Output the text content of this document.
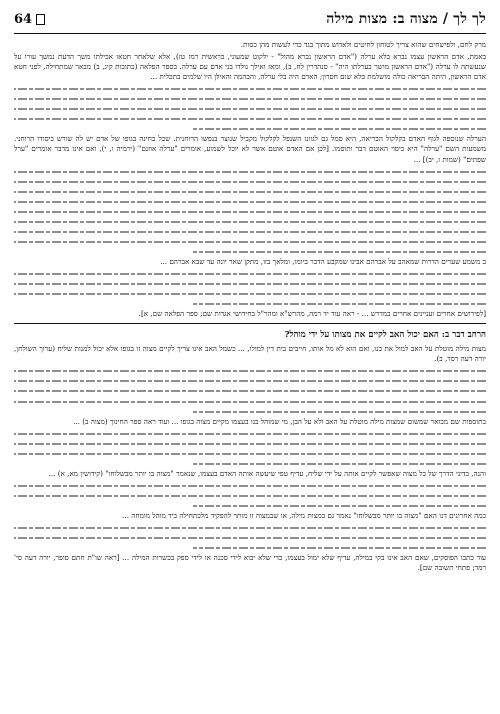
לך לך / מצוה ב: מצות מילה
64

מרק לחם, ולפישחים שהוא צריך לטוחון לחיטים ולאדוש מתוך בגד כדי לעשות מהן כסות.

באמת, אדם הראשון עצמו נברא בלא ערלה ("אדם הראשון נברא מהול" - ילקוט שמעוני, בראשית רמז טז), אלא שלאחר חטאו אכילתו משך הדעת נמשך עורו על שנעשתה לו ערלה ("אדם הראשון מושך בערלתו היה" - סנהדרין לח, ב), ומאז ואילך נולדו בני אדם עם ערלה. בספר הפלאה (כתובות קיג, ב) מבאר שמתחילה, לפני חטא אדם הראשון, היתה הבריאה כולה מושלמת בלא שום חסרון; האדם היה בלי ערלה, והבהמה והאילן היו שלמים בתכלית ...

הערלה שנוספה לגוף האדם בקלקול הבריאה, היא סמל גם לגוונו השנפל לקלקול מקביל שנוצר בנפשו הרוחנית. שכל בחינה בגופו של אדם יש לה שורש ביסודו הרוחני. משמעות השם "ערלה" היא כיסוי האוטם דבר ותוסמו. [לכן אם האדם אוטם אשר לא יוכל לשמוע, אומרים "ערלה אוזנם" (ירמיה ו, י), ואם אינו מדבר אומרים "ערל שפתים" (שמות ו, יב)] ...

ב משמע שערים הדרות שמאהב על אברהם אבינו שמקבע הדבר ביומו, ומלאך בזו, מתקן שאר יונה עד שבא אברהם ...

[לפירושים אחרים ועניינים אחרים במדרש ... - ראה עוד יד רמה, מהרש"א ומהר"ל בחידושי אגדות שם; ספר הפלאה שם, א].

הרחב דבר ב: האם יכול האב לקיים את מצותו על ידי מוהל?

מצות מילה מוטלת על האב למול את בנו, ואם הוא לא מל אותו, חייבים בית דין למולו, ... כשמל האב אינו צריך לקיים מצוה זו בגופו אלא יכול למנות שליח (ערוך השולחן, יורה דעה רסד, ב).

בתוספות שם מבואר שמשום שמצות מילה מוטלת על האב ולא על הבן, מי שמוהל בנו בעצמו מקיים מצוה בגופו ... ועוד ראה ספר החינוך (מצוה ב) ...

והנה, בדיני הדרך של כל מצוה שאפשר לקיים אותה על ידי שליח, עדיף טפי שיעשה אותה האדם בעצמו, שנאמר "מצוה בו יותר מבשלוחו" (קידושין מא, א) ...

כמה אחרונים דנו האם "מצוה בו יותר מבשלוחו" נאמר גם במצות מילה, או שבמצוה זו מותר להפקיד מלכתחילה ביד מוהל מומחה ...

עוד כתבו הפוסקים, שאם האב אינו בקי במילה, עדיף שלא ימול בעצמו, כדי שלא יבוא לידי סכנה או לידי ספק בכשרות המילה ... [ראה שו"ת חתם סופר, יורה דעה סי' רמד; פתחי תשובה שם].
